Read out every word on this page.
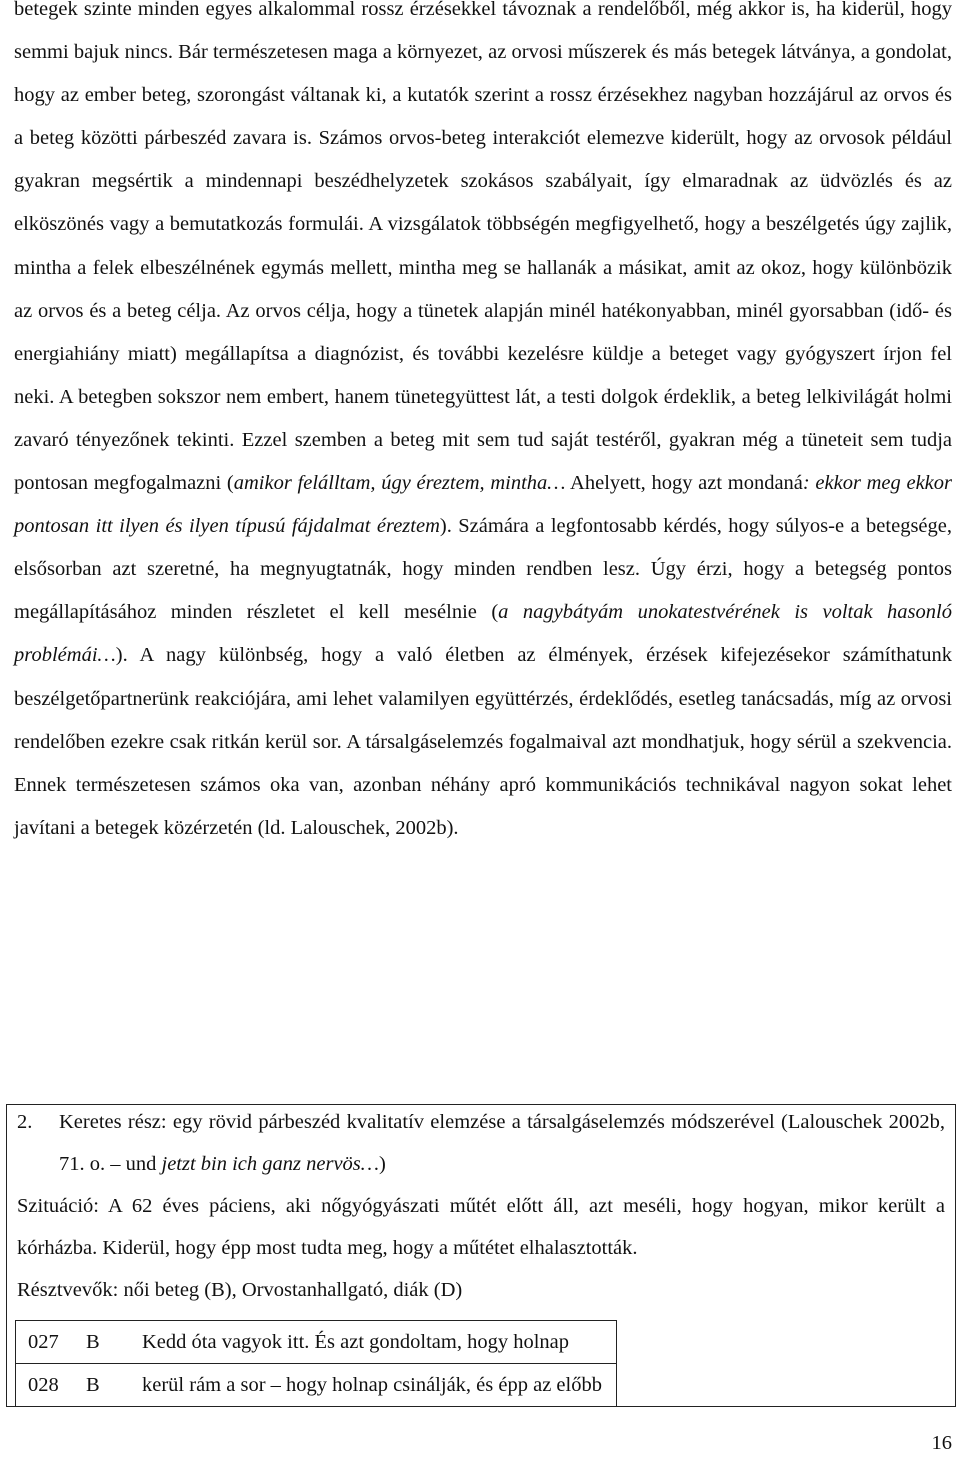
betegek szinte minden egyes alkalommal rossz érzésekkel távoznak a rendelőből, még akkor is, ha kiderül, hogy semmi bajuk nincs. Bár természetesen maga a környezet, az orvosi műszerek és más betegek látványa, a gondolat, hogy az ember beteg, szorongást váltanak ki, a kutatók szerint a rossz érzésekhez nagyban hozzájárul az orvos és a beteg közötti párbeszéd zavara is. Számos orvos-beteg interakciót elemezve kiderült, hogy az orvosok például gyakran megsértik a mindennapi beszédhelyzetek szokásos szabályait, így elmaradnak az üdvözlés és az elköszönés vagy a bemutatkozás formulái. A vizsgálatok többségén megfigyelhető, hogy a beszélgetés úgy zajlik, mintha a felek elbeszélnének egymás mellett, mintha meg se hallanák a másikat, amit az okoz, hogy különbözik az orvos és a beteg célja. Az orvos célja, hogy a tünetek alapján minél hatékonyabban, minél gyorsabban (idő- és energiahiány miatt) megállapítsa a diagnózist, és további kezelésre küldje a beteget vagy gyógyszert írjon fel neki. A betegben sokszor nem embert, hanem tünetegyüttest lát, a testi dolgok érdeklik, a beteg lelkivilágát holmi zavaró tényezőnek tekinti. Ezzel szemben a beteg mit sem tud saját testéről, gyakran még a tüneteit sem tudja pontosan megfogalmazni (amikor felálltam, úgy éreztem, mintha… Ahelyett, hogy azt mondaná: ekkor meg ekkor pontosan itt ilyen és ilyen típusú fájdalmat éreztem). Számára a legfontosabb kérdés, hogy súlyos-e a betegsége, elsősorban azt szeretné, ha megnyugtatnák, hogy minden rendben lesz. Úgy érzi, hogy a betegség pontos megállapításához minden részletet el kell mesélnie (a nagybátyám unokatestvérének is voltak hasonló problémái…). A nagy különbség, hogy a való életben az élmények, érzések kifejezésekor számíthatunk beszélgetőpartnerünk reakciójára, ami lehet valamilyen együttérzés, érdeklődés, esetleg tanácsadás, míg az orvosi rendelőben ezekre csak ritkán kerül sor. A társalgáselemzés fogalmaival azt mondhatjuk, hogy sérül a szekvencia. Ennek természetesen számos oka van, azonban néhány apró kommunikációs technikával nagyon sokat lehet javítani a betegek közérzetén (ld. Lalouschek, 2002b).

2.	Keretes rész: egy rövid párbeszéd kvalitatív elemzése a társalgáselemzés módszerével (Lalouschek 2002b, 71. o. – und jetzt bin ich ganz nervös…)

Szituáció: A 62 éves páciens, aki nőgyógyászati műtét előtt áll, azt meséli, hogy hogyan, mikor került a kórházba. Kiderül, hogy épp most tudta meg, hogy a műtétet elhalasztották.

Résztvevők: női beteg (B), Orvostanhallgató, diák (D)

027 B Kedd óta vagyok itt. És azt gondoltam, hogy holnap
028 B kerül rám a sor – hogy holnap csinálják, és épp az előbb
16
